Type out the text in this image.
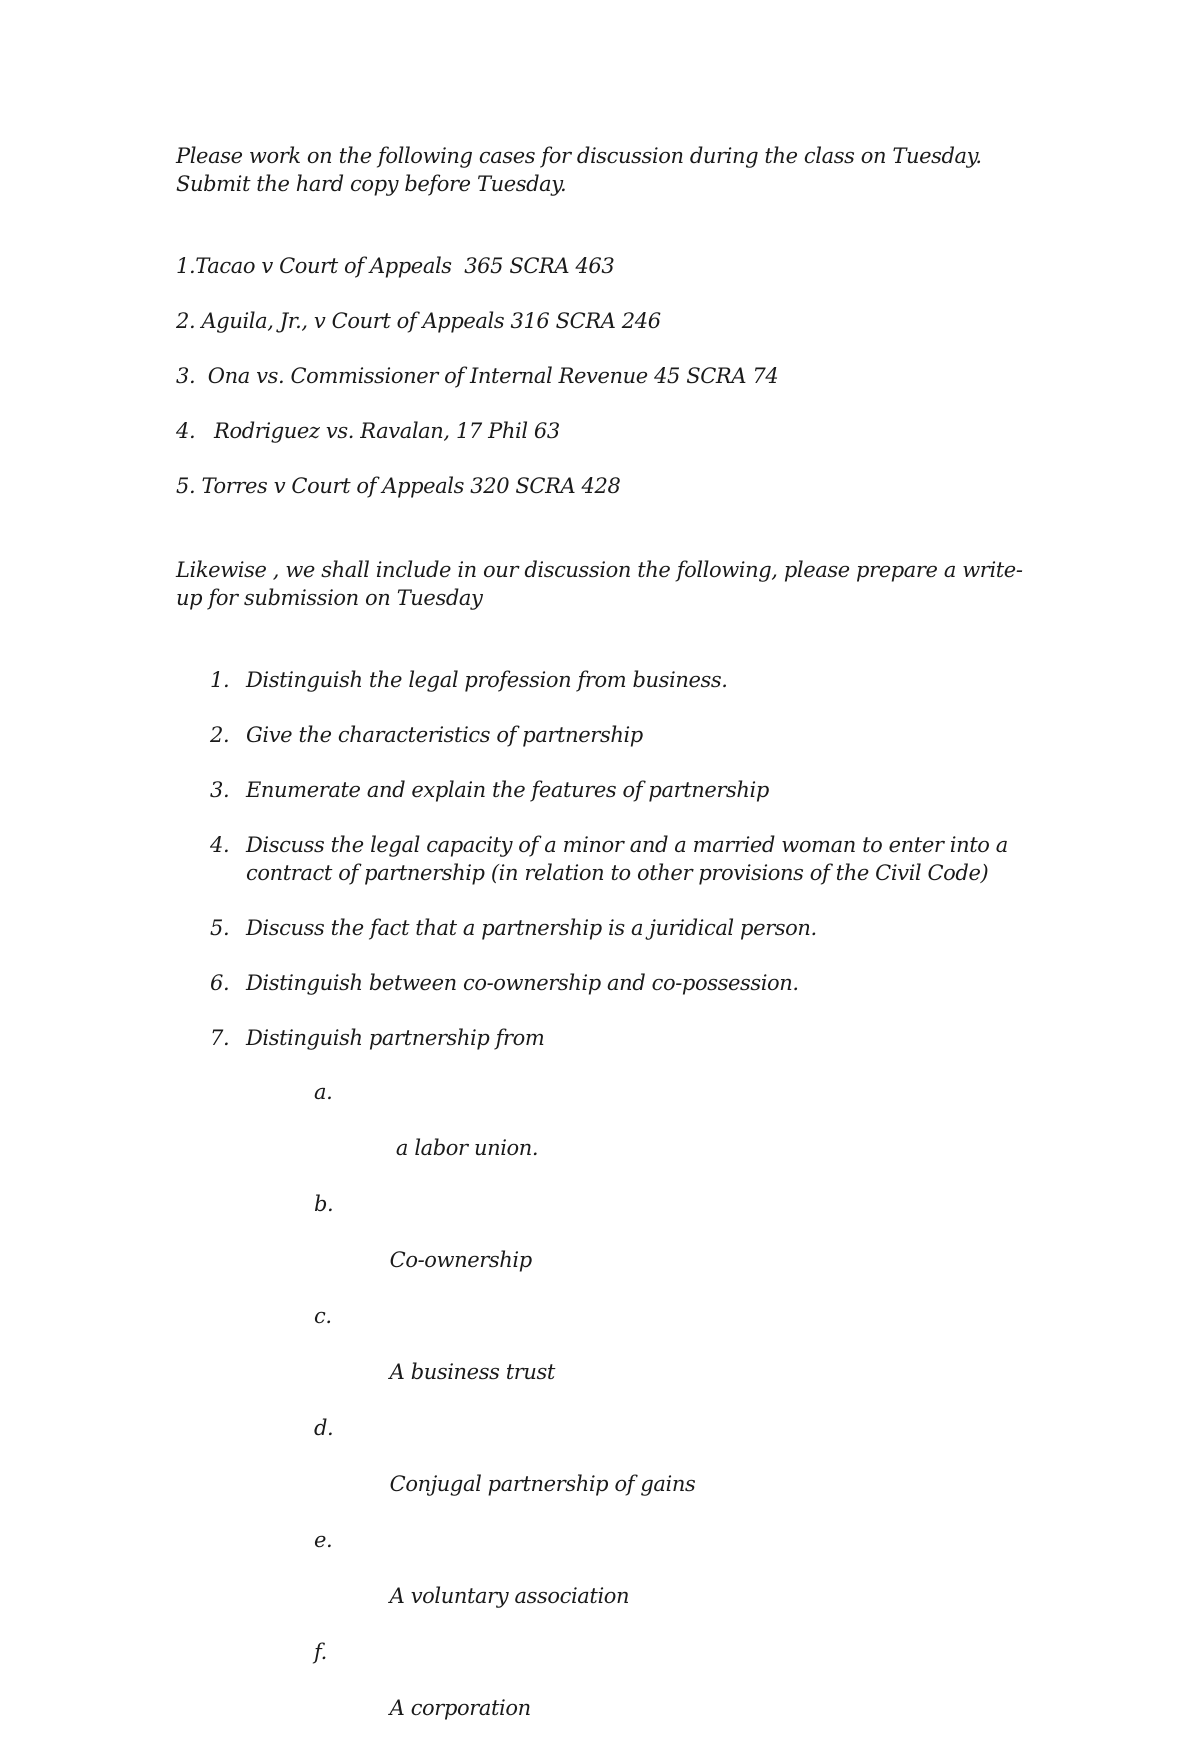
Please work on the following cases for discussion during the class on Tuesday. Submit the hard copy before Tuesday.

1.Tacao v Court of Appeals  365 SCRA 463
2. Aguila, Jr., v Court of Appeals 316 SCRA 246
3.  Ona vs. Commissioner of Internal Revenue 45 SCRA 74
4.   Rodriguez vs. Ravalan, 17 Phil 63
5. Torres v Court of Appeals 320 SCRA 428

Likewise , we shall include in our discussion the following, please prepare a write-up for submission on Tuesday

1. Distinguish the legal profession from business.
2. Give the characteristics of partnership
3. Enumerate and explain the features of partnership
4. Discuss the legal capacity of a minor and a married woman to enter into a contract of partnership (in relation to other provisions of the Civil Code)
5. Discuss the fact that a partnership is a juridical person.
6. Distinguish between co-ownership and co-possession.
7. Distinguish partnership from

a.

a labor union.

b.

Co-ownership

c.

A business trust

d.

Conjugal partnership of gains

e.

A voluntary association

f.

A corporation
